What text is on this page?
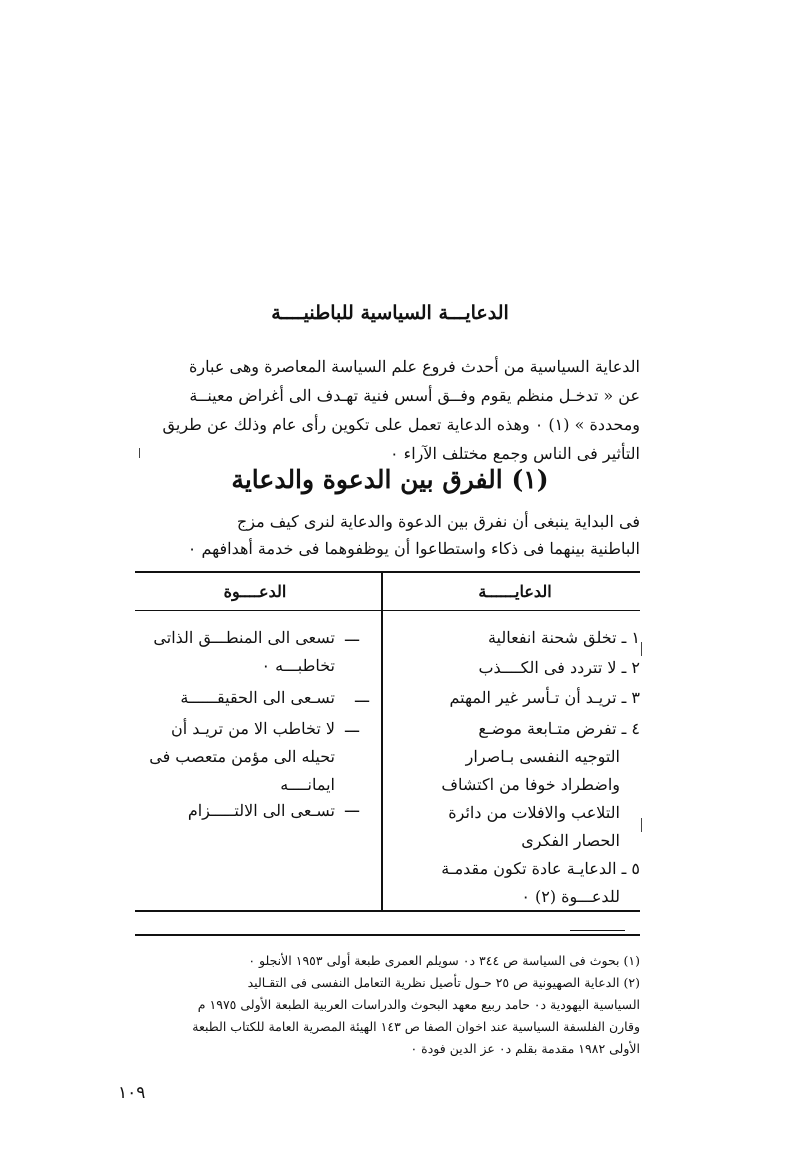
الدعايـــة السياسية للباطنيــــة
الدعاية السياسية من أحدث فروع علم السياسة المعاصرة وهى عبارة
عن « تدخـل منظم يقوم وفــق أسس فنية تهـدف الى أغراض معينــة
ومحددة » (١) ٠ وهذه الدعاية تعمل على تكوين رأى عام وذلك عن طريق
التأثير فى الناس وجمع مختلف الآراء ٠
(١) الفرق بين الدعوة والدعاية
فى البداية ينبغى أن نفرق بين الدعوة والدعاية لنرى كيف مزج
الباطنية بينهما فى ذكاء واستطاعوا أن يوظفوهما فى خدمة أهدافهم ٠
الدعايــــــة
الدعــــوة
١ ـ تخلق شحنة انفعالية
٢ ـ لا تتردد فى الكــــذب
٣ ـ تريـد أن تـأسر غير المهتم
٤ ـ تفرض متـابعة موضـع
التوجيه النفسى بـاصرار
واضطراد خوفا من اكتشاف
التلاعب والافلات من دائرة
الحصار الفكرى
٥ ـ الدعايـة عادة تكون مقدمـة
للدعـــوة (٢) ٠
ـــ
ـــ
ـــ
ـــ
تسعى الى المنطـــق الذاتى
تخاطبـــه ٠
تسـعى الى الحقيقــــــة
لا تخاطب الا من تريـد أن
تحيله الى مؤمن متعصب فى
ايمانــــه
تسـعى الى الالتـــــزام
(١) بحوث فى السياسة ص ٣٤٤ د٠ سويلم العمرى طبعة أولى ١٩٥٣ الأنجلو ٠
(٢) الدعاية الصهيونية ص ٢٥ حـول تأصيل نظرية التعامل النفسى فى التقـاليد
السياسية اليهودية د٠ حامد ربيع معهد البحوث والدراسات العربية الطبعة الأولى ١٩٧٥ م
وقارن الفلسفة السياسية عند اخوان الصفا ص ١٤٣ الهيئة المصرية العامة للكتاب الطبعة
الأولى ١٩٨٢ مقدمة بقلم د٠ عز الدين فودة ٠
١٠٩
